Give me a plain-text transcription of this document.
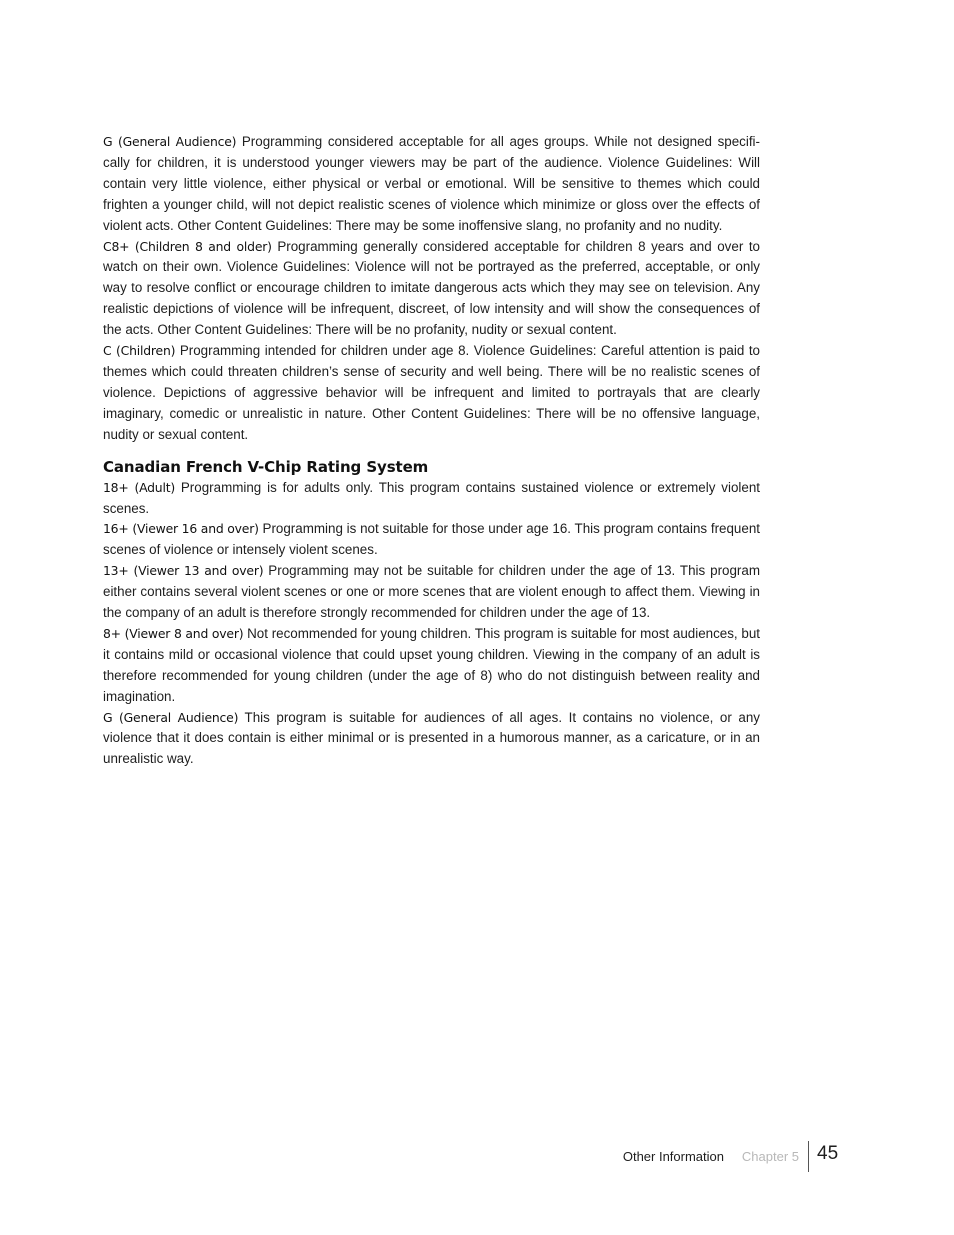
G (General Audience) Programming considered acceptable for all ages groups. While not designed specifi-cally for children, it is understood younger viewers may be part of the audience. Violence Guidelines: Will contain very little violence, either physical or verbal or emotional. Will be sensitive to themes which could frighten a younger child, will not depict realistic scenes of violence which minimize or gloss over the effects of violent acts. Other Content Guidelines: There may be some inoffensive slang, no profanity and no nudity.

C8+ (Children 8 and older) Programming generally considered acceptable for children 8 years and over to watch on their own. Violence Guidelines: Violence will not be portrayed as the preferred, acceptable, or only way to resolve conflict or encourage children to imitate dangerous acts which they may see on television. Any realistic depictions of violence will be infrequent, discreet, of low intensity and will show the consequences of the acts. Other Content Guidelines: There will be no profanity, nudity or sexual content.

C (Children) Programming intended for children under age 8. Violence Guidelines: Careful attention is paid to themes which could threaten children’s sense of security and well being. There will be no realistic scenes of violence. Depictions of aggressive behavior will be infrequent and limited to portrayals that are clearly imaginary, comedic or unrealistic in nature. Other Content Guidelines: There will be no offensive language, nudity or sexual content.

Canadian French V-Chip Rating System

18+ (Adult) Programming is for adults only. This program contains sustained violence or extremely violent scenes.

16+ (Viewer 16 and over) Programming is not suitable for those under age 16. This program contains frequent scenes of violence or intensely violent scenes.

13+ (Viewer 13 and over) Programming may not be suitable for children under the age of 13. This program either contains several violent scenes or one or more scenes that are violent enough to affect them. Viewing in the company of an adult is therefore strongly recommended for children under the age of 13.

8+ (Viewer 8 and over) Not recommended for young children. This program is suitable for most audiences, but it contains mild or occasional violence that could upset young children. Viewing in the company of an adult is therefore recommended for young children (under the age of 8) who do not distinguish between reality and imagination.

G (General Audience) This program is suitable for audiences of all ages. It contains no violence, or any violence that it does contain is either minimal or is presented in a humorous manner, as a caricature, or in an unrealistic way.

Other Information Chapter 5 45
